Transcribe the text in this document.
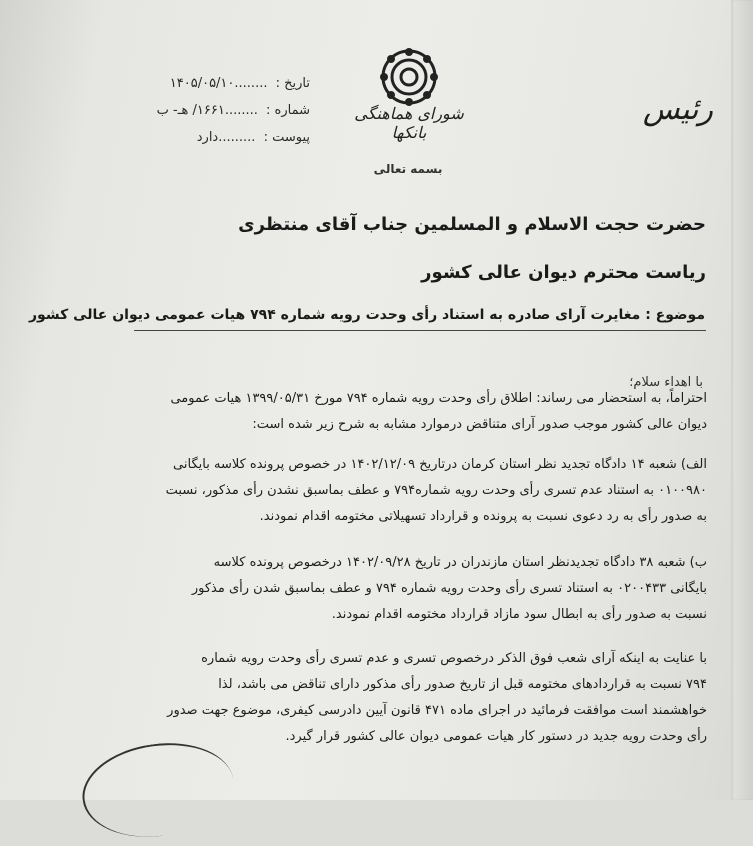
رئیس
شورای هماهنگی بانکها
بسمه تعالی
تاریخ : ........۱۴۰۵/۰۵/۱۰
شماره : ........۱۶۶۱/ هـ- ب
پیوست : .........دارد
حضرت حجت الاسلام و المسلمین جناب آقای منتظری
ریاست محترم دیوان عالی کشور
موضوع : مغایرت آرای صادره به استناد رأی وحدت رویه شماره ۷۹۴ هیات عمومی دیوان عالی کشور
با اهداء سلام؛
احتراماً، به استحضار می رساند: اطلاق رأی وحدت رویه شماره ۷۹۴ مورخ ۱۳۹۹/۰۵/۳۱ هیات عمومی
دیوان عالی کشور موجب صدور آرای متناقض درموارد مشابه به شرح زیر شده است:
الف) شعبه ۱۴ دادگاه تجدید نظر استان کرمان درتاریخ ۱۴۰۲/۱۲/۰۹ در خصوص پرونده کلاسه بایگانی
۰۱۰۰۹۸۰ به استناد عدم تسری رأی وحدت رویه شماره۷۹۴ و عطف بماسبق نشدن رأی مذکور، نسبت
به صدور رأی به رد دعوی نسبت به پرونده و قرارداد تسهیلاتی مختومه اقدام نمودند.
ب) شعبه ۳۸ دادگاه تجدیدنظر استان مازندران در تاریخ ۱۴۰۲/۰۹/۲۸ درخصوص پرونده کلاسه
بایگانی ۰۲۰۰۴۳۳ به استناد تسری رأی وحدت رویه شماره ۷۹۴ و عطف بماسبق شدن رأی مذکور
نسبت به صدور رأی به ابطال سود مازاد قرارداد مختومه اقدام نمودند.
با عنایت به اینکه آرای شعب فوق الذکر درخصوص تسری و عدم تسری رأی وحدت رویه شماره
۷۹۴ نسبت به قراردادهای مختومه قبل از تاریخ صدور رأی مذکور دارای تناقض می باشد، لذا
خواهشمند است موافقت فرمائید در اجرای ماده ۴۷۱ قانون آیین دادرسی کیفری، موضوع جهت صدور
رأی وحدت رویه جدید در دستور کار هیات عمومی دیوان عالی کشور قرار گیرد.
